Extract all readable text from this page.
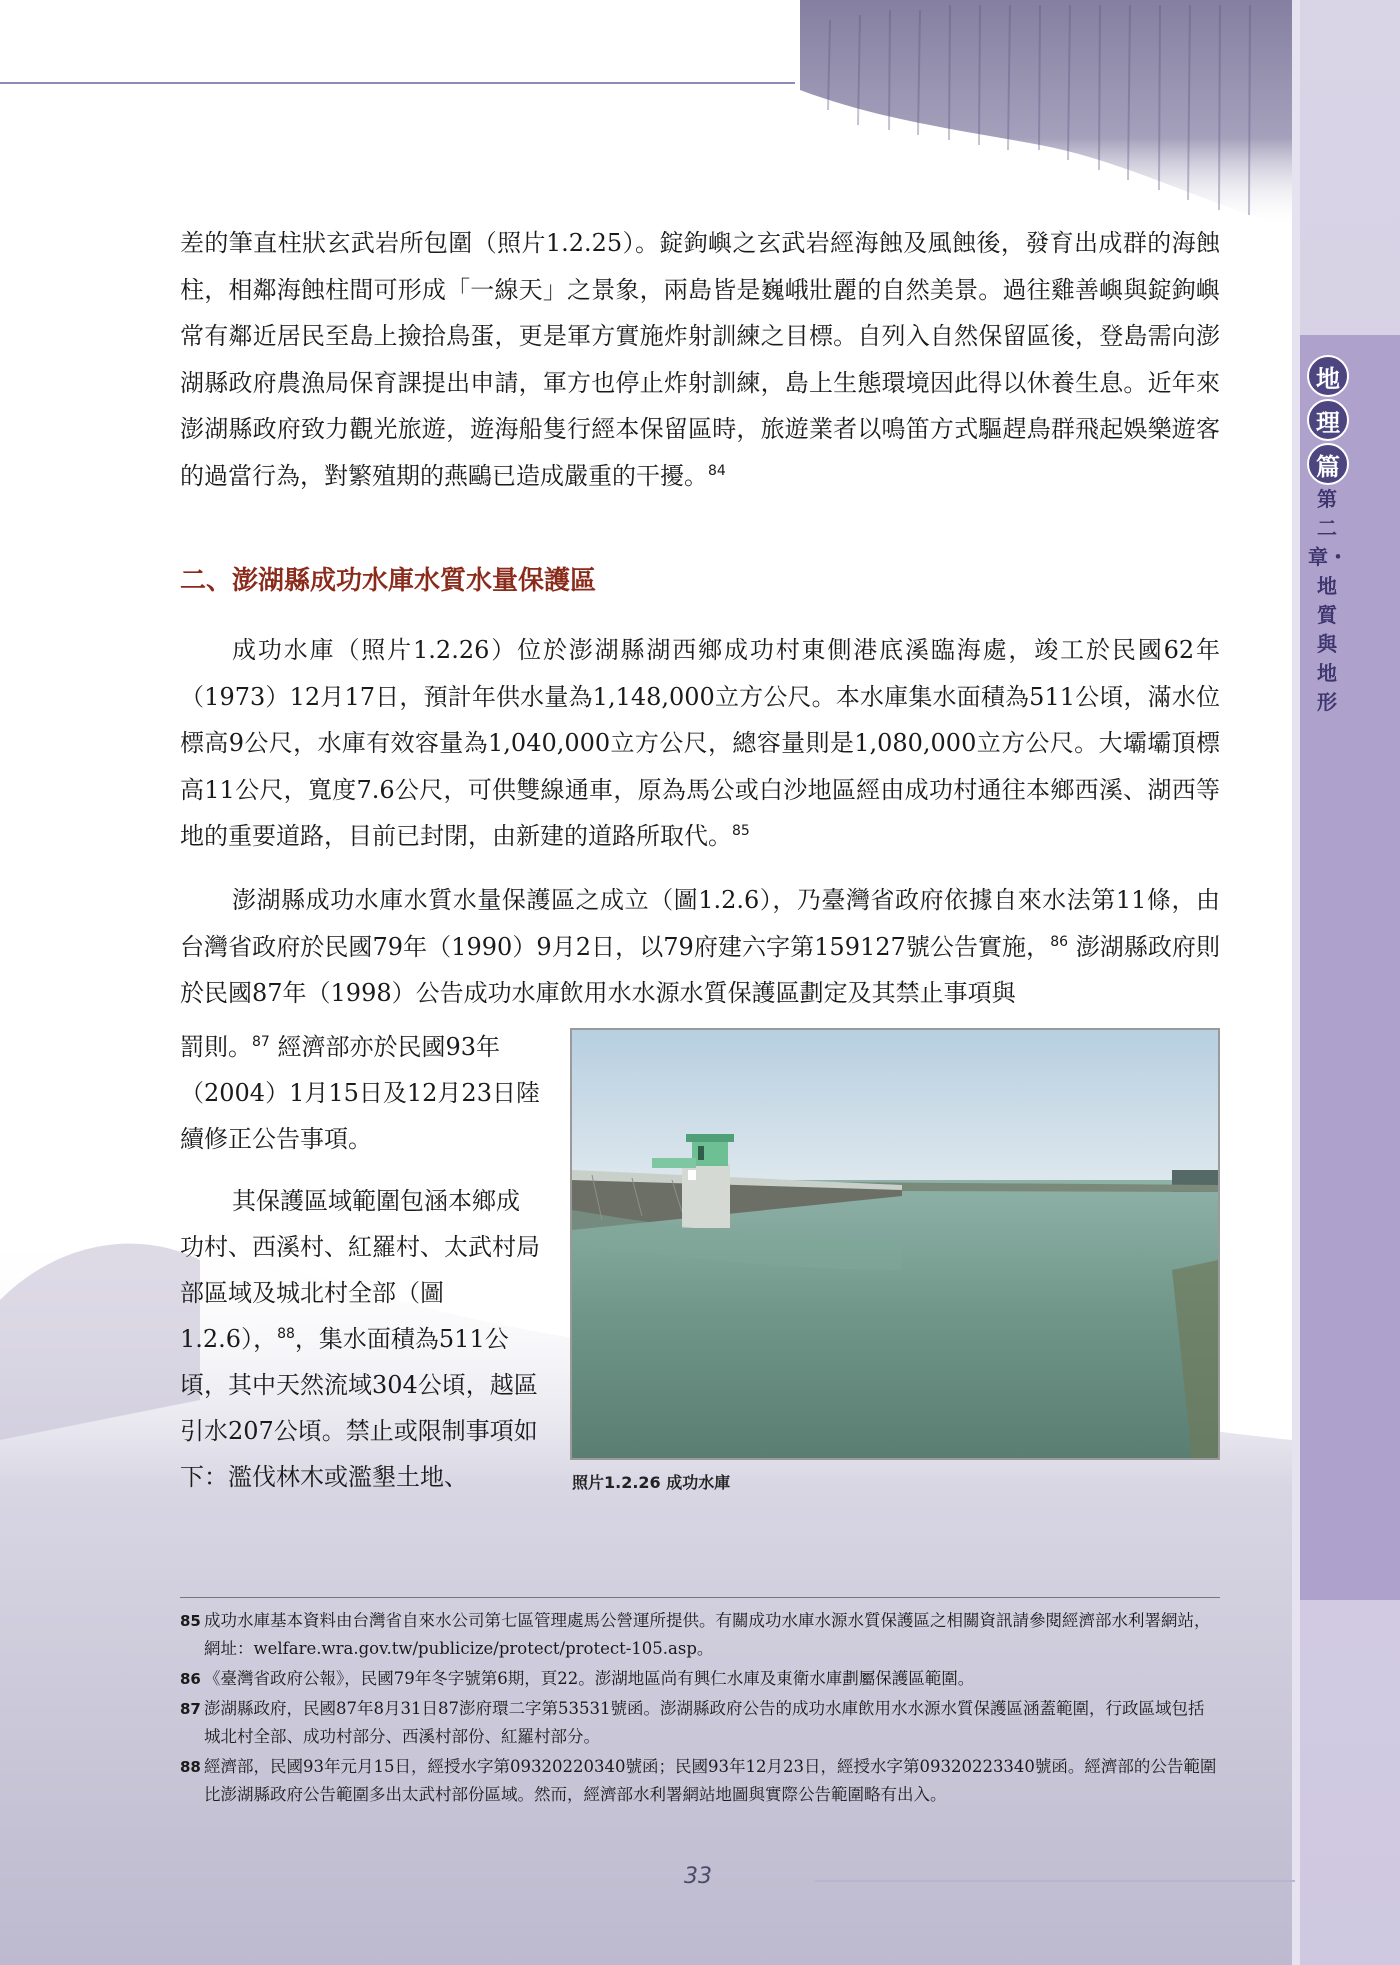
地
理
篇
第二章・地質與地形
差的筆直柱狀玄武岩所包圍（照片1.2.25）。錠鉤嶼之玄武岩經海蝕及風蝕後，發育出成群的海蝕柱，相鄰海蝕柱間可形成「一線天」之景象，兩島皆是巍峨壯麗的自然美景。過往雞善嶼與錠鉤嶼常有鄰近居民至島上撿拾鳥蛋，更是軍方實施炸射訓練之目標。自列入自然保留區後，登島需向澎湖縣政府農漁局保育課提出申請，軍方也停止炸射訓練，島上生態環境因此得以休養生息。近年來澎湖縣政府致力觀光旅遊，遊海船隻行經本保留區時，旅遊業者以鳴笛方式驅趕鳥群飛起娛樂遊客的過當行為，對繁殖期的燕鷗已造成嚴重的干擾。$^{84}$
二、澎湖縣成功水庫水質水量保護區
成功水庫（照片1.2.26）位於澎湖縣湖西鄉成功村東側港底溪臨海處，竣工於民國62年（1973）12月17日，預計年供水量為1,148,000立方公尺。本水庫集水面積為511公頃，滿水位標高9公尺，水庫有效容量為1,040,000立方公尺，總容量則是1,080,000立方公尺。大壩壩頂標高11公尺，寬度7.6公尺，可供雙線通車，原為馬公或白沙地區經由成功村通往本鄉西溪、湖西等地的重要道路，目前已封閉，由新建的道路所取代。$^{85}$
澎湖縣成功水庫水質水量保護區之成立（圖1.2.6），乃臺灣省政府依據自來水法第11條，由台灣省政府於民國79年（1990）9月2日，以79府建六字第159127號公告實施，$^{86}$ 澎湖縣政府則於民國87年（1998）公告成功水庫飲用水水源水質保護區劃定及其禁止事項與
罰則。$^{87}$ 經濟部亦於民國93年（2004）1月15日及12月23日陸續修正公告事項。
其保護區域範圍包涵本鄉成功村、西溪村、紅羅村、太武村局部區域及城北村全部（圖1.2.6），$^{88}$，集水面積為511公頃，其中天然流域304公頃，越區引水207公頃。禁止或限制事項如下：濫伐林木或濫墾土地、	照片1.2.26 成功水庫
85 成功水庫基本資料由台灣省自來水公司第七區管理處馬公營運所提供。有關成功水庫水源水質保護區之相關資訊請參閱經濟部水利署網站，網址：welfare.wra.gov.tw/publicize/protect/protect-105.asp。
86 《臺灣省政府公報》，民國79年冬字號第6期，頁22。澎湖地區尚有興仁水庫及東衛水庫劃屬保護區範圍。
87 澎湖縣政府，民國87年8月31日87澎府環二字第53531號函。澎湖縣政府公告的成功水庫飲用水水源水質保護區涵蓋範圍，行政區域包括城北村全部、成功村部分、西溪村部份、紅羅村部分。
88 經濟部，民國93年元月15日，經授水字第09320220340號函；民國93年12月23日，經授水字第09320223340號函。經濟部的公告範圍比澎湖縣政府公告範圍多出太武村部份區域。然而，經濟部水利署網站地圖與實際公告範圍略有出入。
33
